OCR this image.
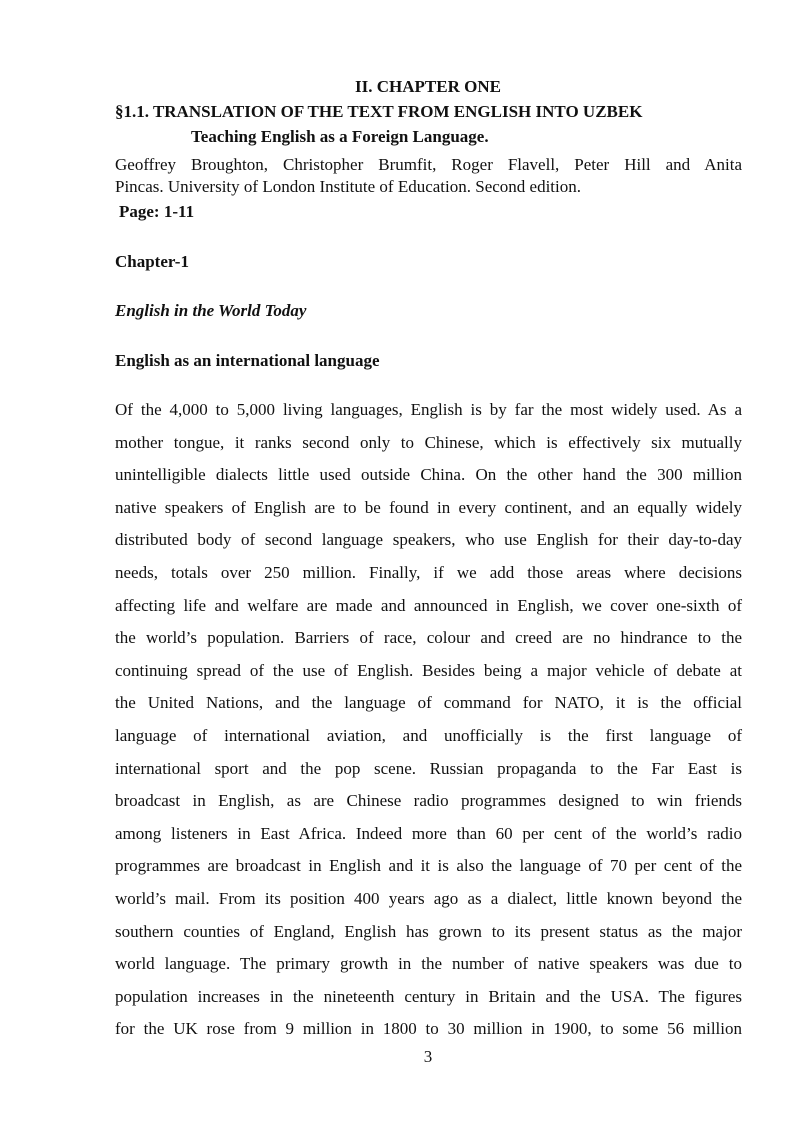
II. CHAPTER ONE
§1.1. TRANSLATION OF THE TEXT FROM ENGLISH INTO UZBEK
Teaching English as a Foreign Language.
Geoffrey Broughton, Christopher Brumfit, Roger Flavell, Peter Hill and Anita
Pincas. University of London Institute of Education. Second edition.
Page: 1-11
Chapter-1
English in the World Today
English as an international language
Of the 4,000 to 5,000 living languages, English is by far the most widely used. As a
mother tongue, it ranks second only to Chinese, which is effectively six mutually
unintelligible dialects little used outside China. On the other hand the 300 million
native speakers of English are to be found in every continent, and an equally widely
distributed body of second language speakers, who use English for their day-to-day
needs, totals over 250 million. Finally, if we add those areas where decisions
affecting life and welfare are made and announced in English, we cover one-sixth of
the world’s population. Barriers of race, colour and creed are no hindrance to the
continuing spread of the use of English. Besides being a major vehicle of debate at
the United Nations, and the language of command for NATO, it is the official
language of international aviation, and unofficially is the first language of
international sport and the pop scene. Russian propaganda to the Far East is
broadcast in English, as are Chinese radio programmes designed to win friends
among listeners in East Africa. Indeed more than 60 per cent of the world’s radio
programmes are broadcast in English and it is also the language of 70 per cent of the
world’s mail. From its position 400 years ago as a dialect, little known beyond the
southern counties of England, English has grown to its present status as the major
world language. The primary growth in the number of native speakers was due to
population increases in the nineteenth century in Britain and the USA. The figures
for the UK rose from 9 million in 1800 to 30 million in 1900, to some 56 million
3
